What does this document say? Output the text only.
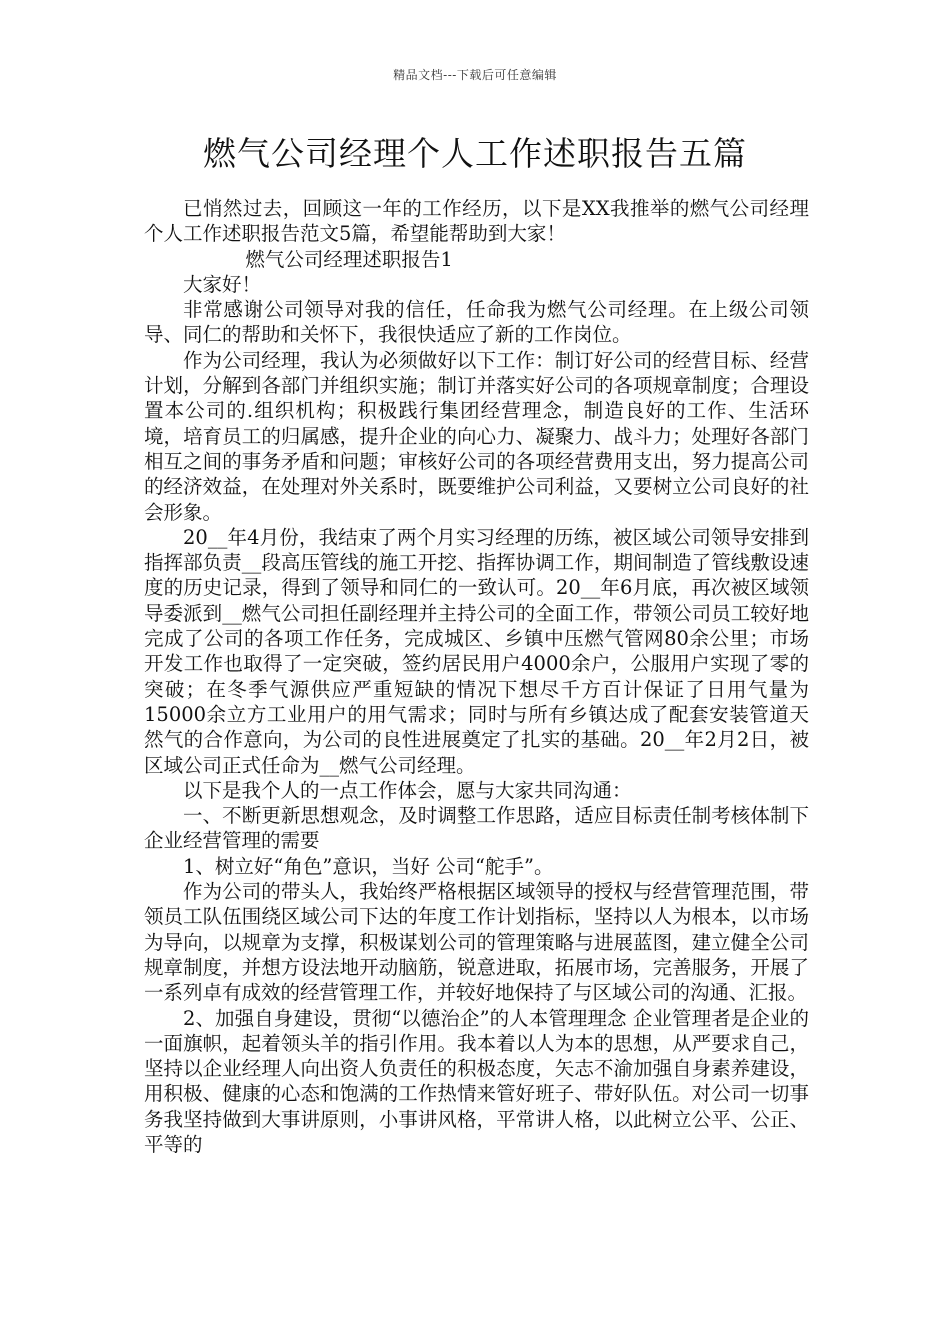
精品文档---下载后可任意编辑
燃气公司经理个人工作述职报告五篇

已悄然过去，回顾这一年的工作经历，以下是XX我推举的燃气公司经理个人工作述职报告范文5篇，希望能帮助到大家！

燃气公司经理述职报告1

大家好！

非常感谢公司领导对我的信任，任命我为燃气公司经理。在上级公司领导、同仁的帮助和关怀下，我很快适应了新的工作岗位。

作为公司经理，我认为必须做好以下工作：制订好公司的经营目标、经营计划，分解到各部门并组织实施；制订并落实好公司的各项规章制度；合理设置本公司的.组织机构；积极践行集团经营理念，制造良好的工作、生活环境，培育员工的归属感，提升企业的向心力、凝聚力、战斗力；处理好各部门相互之间的事务矛盾和问题；审核好公司的各项经营费用支出，努力提高公司的经济效益，在处理对外关系时，既要维护公司利益，又要树立公司良好的社会形象。

20__年4月份，我结束了两个月实习经理的历练，被区域公司领导安排到指挥部负责__段高压管线的施工开挖、指挥协调工作，期间制造了管线敷设速度的历史记录，得到了领导和同仁的一致认可。20__年6月底，再次被区域领导委派到__燃气公司担任副经理并主持公司的全面工作，带领公司员工较好地完成了公司的各项工作任务，完成城区、乡镇中压燃气管网80余公里；市场开发工作也取得了一定突破，签约居民用户4000余户，公服用户实现了零的突破；在冬季气源供应严重短缺的情况下想尽千方百计保证了日用气量为15000余立方工业用户的用气需求；同时与所有乡镇达成了配套安装管道天然气的合作意向，为公司的良性进展奠定了扎实的基础。20__年2月2日，被区域公司正式任命为__燃气公司经理。

以下是我个人的一点工作体会，愿与大家共同沟通：

一、不断更新思想观念，及时调整工作思路，适应目标责任制考核体制下企业经营管理的需要

1、树立好“角色”意识，当好 公司“舵手”。

作为公司的带头人，我始终严格根据区域领导的授权与经营管理范围，带领员工队伍围绕区域公司下达的年度工作计划指标，坚持以人为根本，以市场为导向，以规章为支撑，积极谋划公司的管理策略与进展蓝图，建立健全公司规章制度，并想方设法地开动脑筋，锐意进取，拓展市场，完善服务，开展了一系列卓有成效的经营管理工作，并较好地保持了与区域公司的沟通、汇报。

2、加强自身建设，贯彻“以德治企”的人本管理理念 企业管理者是企业的一面旗帜，起着领头羊的指引作用。我本着以人为本的思想，从严要求自己，坚持以企业经理人向出资人负责任的积极态度，矢志不渝加强自身素养建设，用积极、健康的心态和饱满的工作热情来管好班子、带好队伍。对公司一切事务我坚持做到大事讲原则，小事讲风格，平常讲人格，以此树立公平、公正、平等的
